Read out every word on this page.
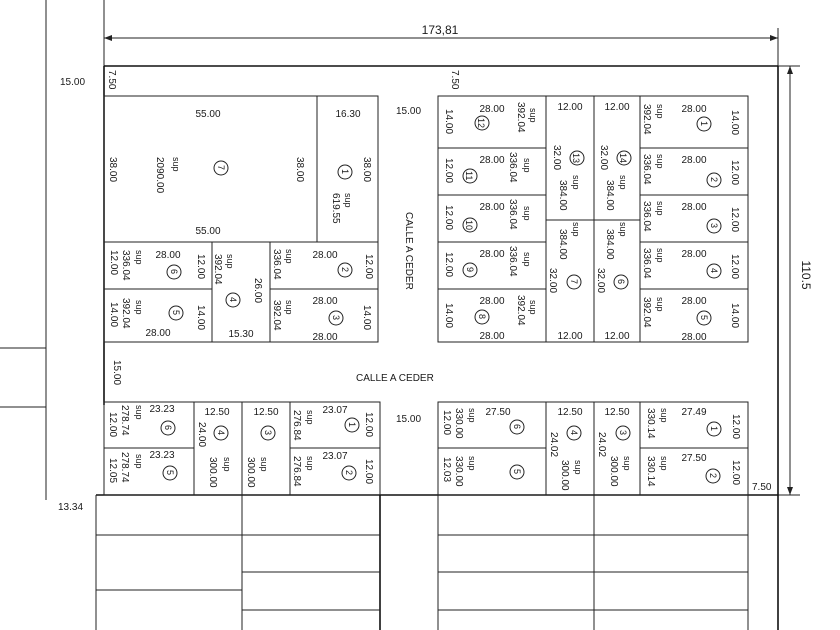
173,81
110.5
15.00
13.34
7.50	7.50
7.50
CALLE A CEDER
CALLE A CEDER
15.00
15.00
15.00
55.00
55.00
38.00	38.00
sup
2090.00	7
16.30
38.00
1
sup
619.55
28.00
12.00 336.04 sup
6 12.00
14.00 392.04 sup	5
28.00
14.00
sup
392.04
26.00
4
15.30
sup
336.04	28.00
2 12.00
sup
392.04	28.00
3 14.00
28.00
28.00
14.00 12	392.04 sup
28.00
12.00 11	336.04 sup
28.00
12.00 10	336.04 sup
28.00
12.00 9	336.04 sup
28.00
14.00	8	392.04 sup
28.00
12.00
32.00 13
sup
384.00
12.00
32.00 14
sup
384.00
sup
384.00
7
32.00
12.00
sup
384.00
6
32.00
12.00
sup
392.04	28.00
1 14.00
sup
336.04	28.00
2 12.00
sup
336.04	28.00
3 12.00
sup
336.04	28.00
4 12.00
sup
392.04	28.00
5 14.00
28.00
12.00 278.74 sup 23.23
6
12.05 278.74 sup 23.23
5
12.50
24.00 4
sup
300.00
12.50
3
sup
300.00
276.84 sup 23.07
1 12.00
276.84 sup 23.07
2 12.00
12.00 330.00 sup 27.50
6
12.03 330.00 sup
5
12.50
4
24.02
sup
300.00
12.50
3
24.02
sup
300.00
sup
330.14	27.49
1 12.00
sup
330.14	27.50
2 12.00
